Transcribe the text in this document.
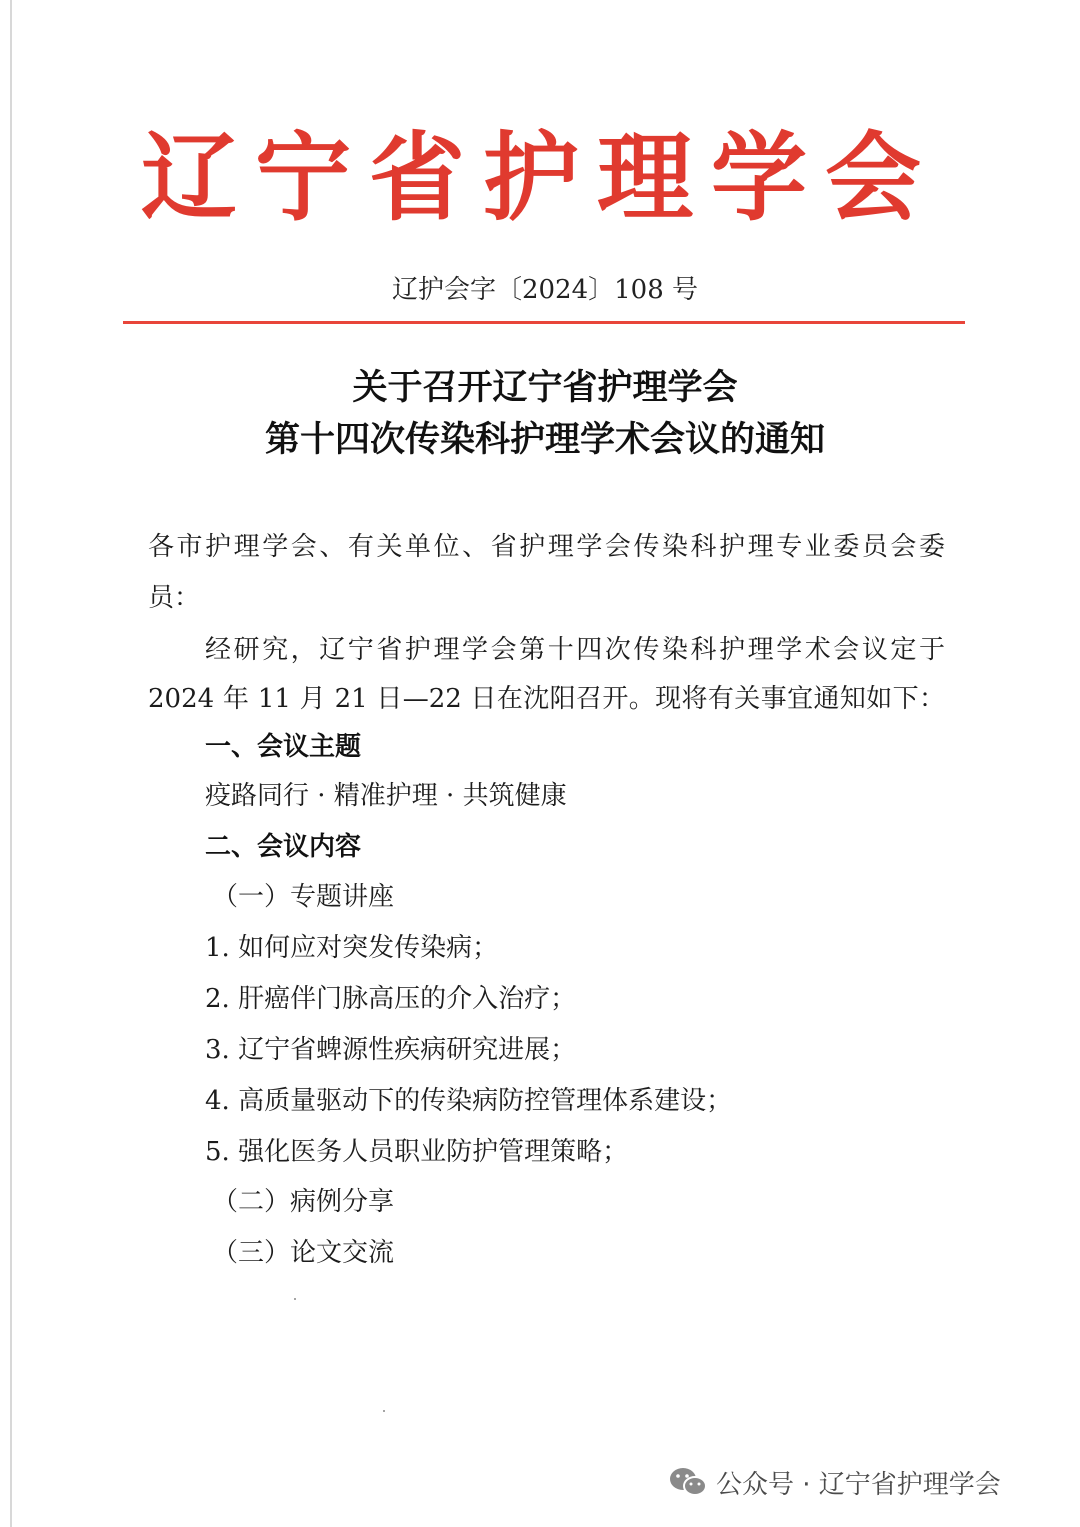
辽宁省护理学会
辽护会字〔2024〕108 号
关于召开辽宁省护理学会
第十四次传染科护理学术会议的通知
各市护理学会、有关单位、省护理学会传染科护理专业委员会委
员：
经研究，辽宁省护理学会第十四次传染科护理学术会议定于
2024 年 11 月 21 日—22 日在沈阳召开。现将有关事宜通知如下：
一、会议主题
疫路同行 · 精准护理 · 共筑健康
二、会议内容
（一）专题讲座
1. 如何应对突发传染病；
2. 肝癌伴门脉高压的介入治疗；
3. 辽宁省蜱源性疾病研究进展；
4. 高质量驱动下的传染病防控管理体系建设；
5. 强化医务人员职业防护管理策略；
（二）病例分享
（三）论文交流
公众号 · 辽宁省护理学会
